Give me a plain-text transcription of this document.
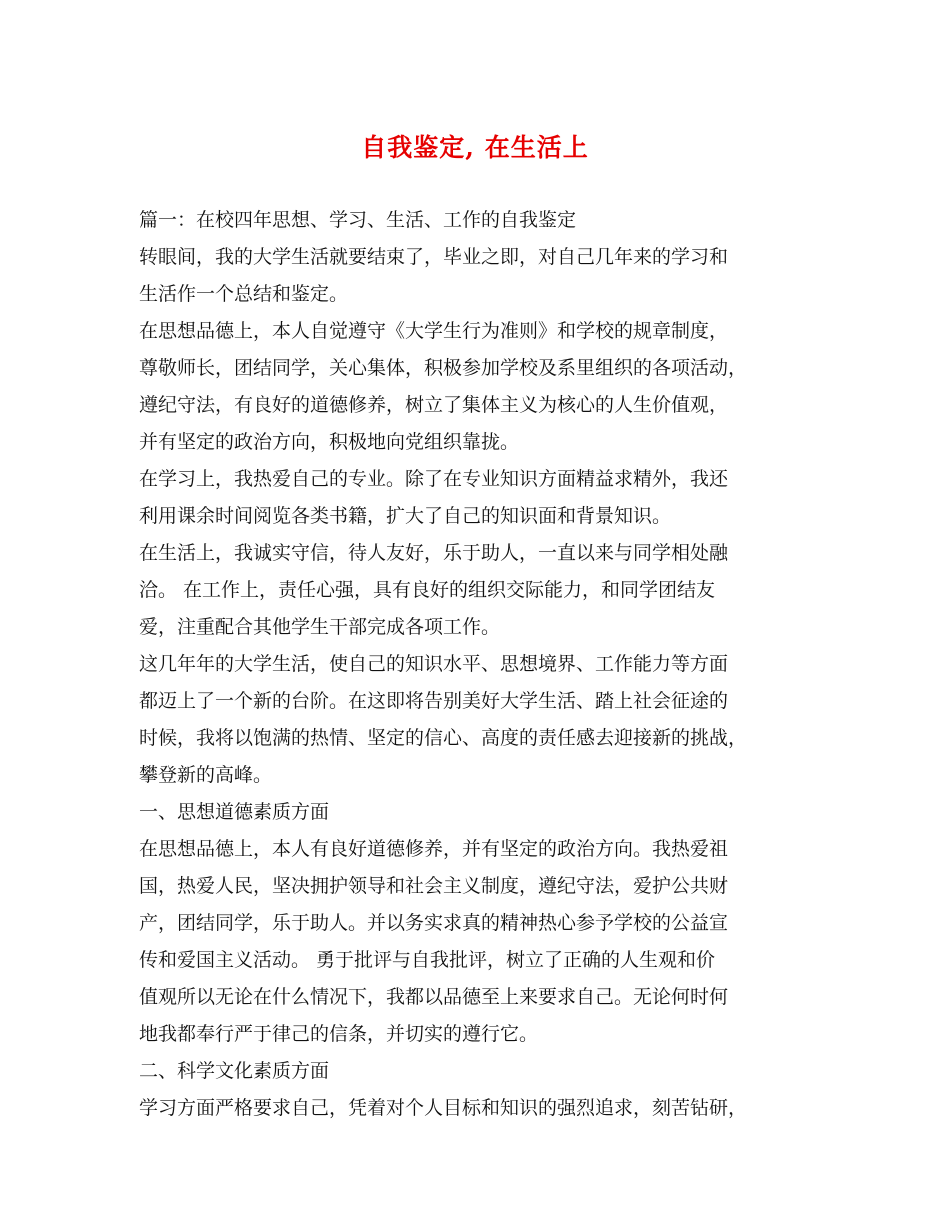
自我鉴定, 在生活上
篇一：在校四年思想、学习、生活、工作的自我鉴定
转眼间，我的大学生活就要结束了，毕业之即，对自己几年来的学习和
生活作一个总结和鉴定。
在思想品德上，本人自觉遵守《大学生行为准则》和学校的规章制度，
尊敬师长，团结同学，关心集体，积极参加学校及系里组织的各项活动，
遵纪守法，有良好的道德修养，树立了集体主义为核心的人生价值观，
并有坚定的政治方向，积极地向党组织靠拢。
在学习上，我热爱自己的专业。除了在专业知识方面精益求精外，我还
利用课余时间阅览各类书籍，扩大了自己的知识面和背景知识。
在生活上，我诚实守信，待人友好，乐于助人，一直以来与同学相处融
洽。 在工作上，责任心强，具有良好的组织交际能力，和同学团结友
爱，注重配合其他学生干部完成各项工作。
这几年年的大学生活，使自己的知识水平、思想境界、工作能力等方面
都迈上了一个新的台阶。在这即将告别美好大学生活、踏上社会征途的
时候，我将以饱满的热情、坚定的信心、高度的责任感去迎接新的挑战，
攀登新的高峰。
一、思想道德素质方面
在思想品德上，本人有良好道德修养，并有坚定的政治方向。我热爱祖
国，热爱人民，坚决拥护领导和社会主义制度，遵纪守法，爱护公共财
产，团结同学，乐于助人。并以务实求真的精神热心参予学校的公益宣
传和爱国主义活动。 勇于批评与自我批评，树立了正确的人生观和价
值观所以无论在什么情况下，我都以品德至上来要求自己。无论何时何
地我都奉行严于律己的信条，并切实的遵行它。
二、科学文化素质方面
学习方面严格要求自己，凭着对个人目标和知识的强烈追求，刻苦钻研，
